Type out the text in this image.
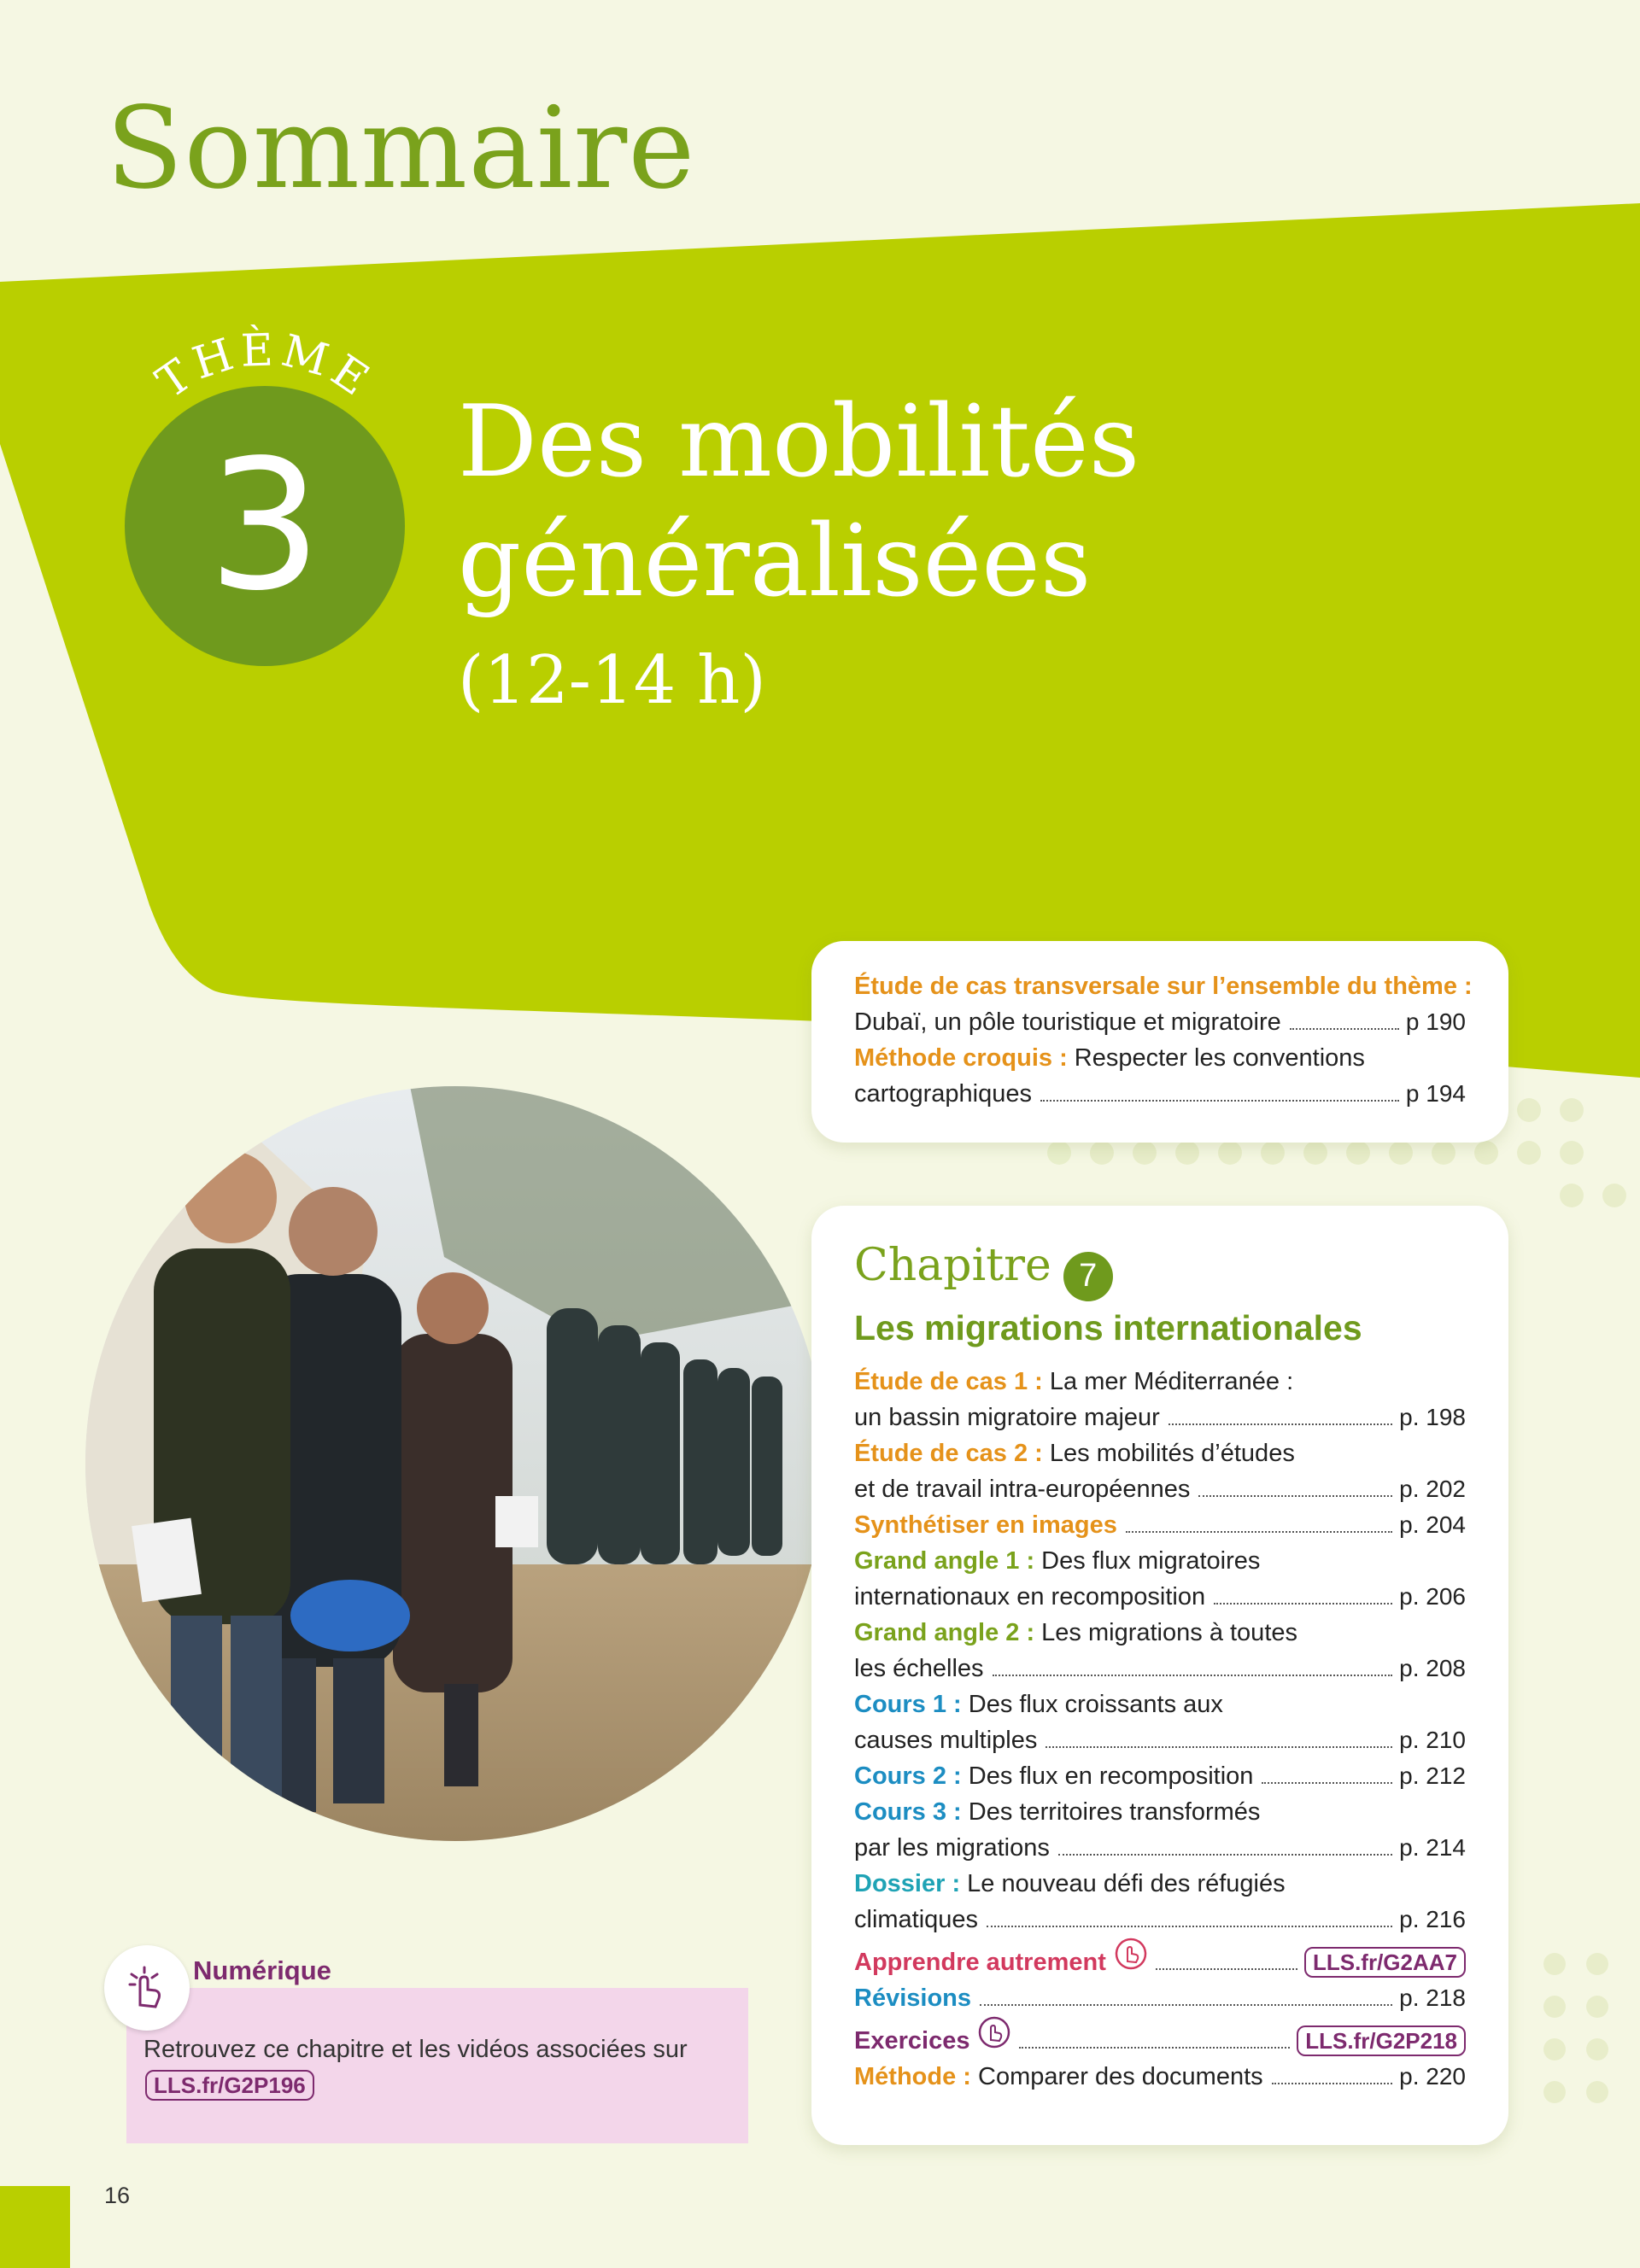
Sommaire
THÈME
3	Des mobilités
généralisées
(12-14 h)
Étude de cas transversale sur l’ensemble du thème :
Dubaï, un pôle touristique et migratoire	p 190
Méthode croquis : Respecter les conventions
cartographiques	p 194
Chapitre 7
Les migrations internationales
Étude de cas 1 : La mer Méditerranée :
un bassin migratoire majeur	p. 198
Étude de cas 2 : Les mobilités d’études
et de travail intra-européennes	p. 202
Synthétiser en images	p. 204
Grand angle 1 : Des flux migratoires
internationaux en recomposition	p. 206
Grand angle 2 : Les migrations à toutes
les échelles	p. 208
Cours 1 : Des flux croissants aux
causes multiples	p. 210
Cours 2 :
Des flux en recomposition	p. 212
Cours 3 : Des territoires transformés
par les migrations	p. 214
Dossier : Le nouveau défi des réfugiés
climatiques	p. 216
Apprendre autrement	LLS.fr/G2AA7
Révisions	p. 218
Exercices	LLS.fr/G2P218
Méthode :
Comparer des documents	p. 220
Numérique
Retrouvez ce chapitre et les vidéos associées sur
LLS.fr/G2P196
16
